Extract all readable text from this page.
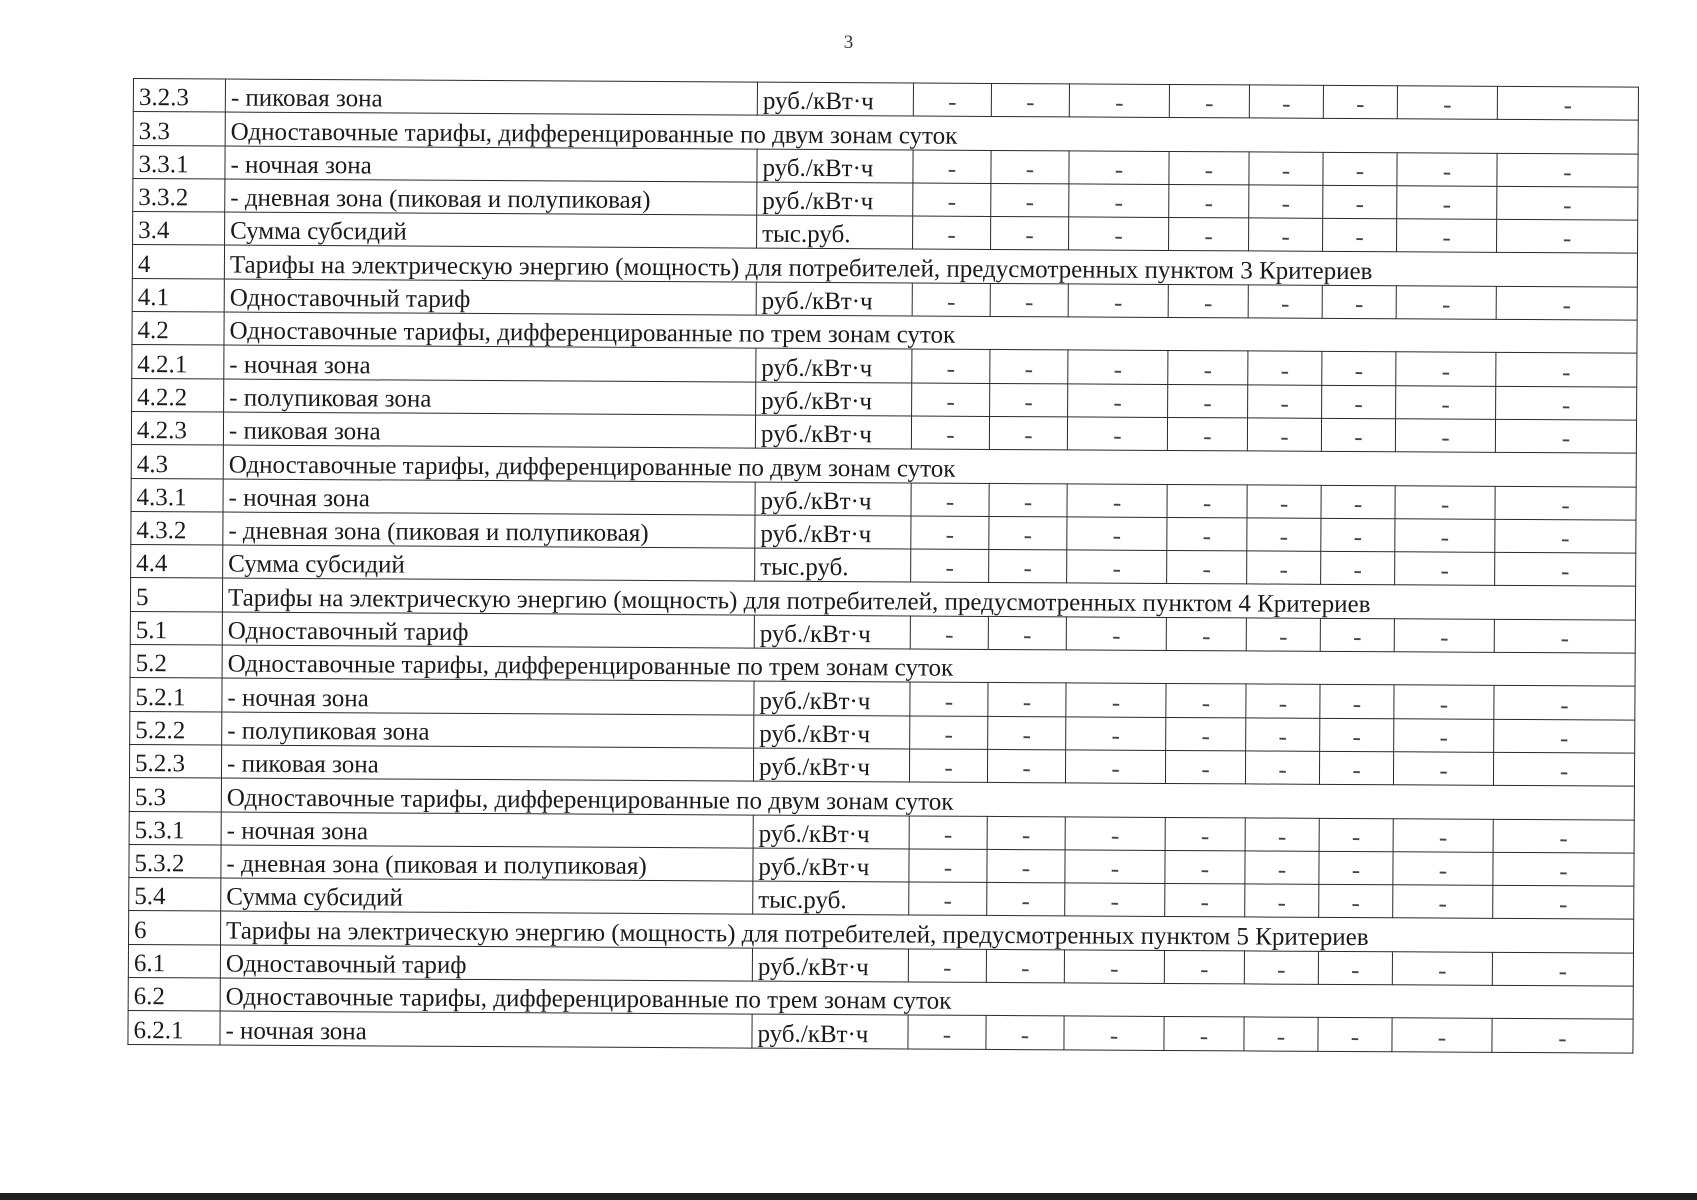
3
3.2.3	- пиковая зона	руб./кВт·ч	-	-	-	-	-	-	-	-
3.3	Одноставочные тарифы, дифференцированные по двум зонам суток									
3.3.1	- ночная зона	руб./кВт·ч	-	-	-	-	-	-	-	-
3.3.2	- дневная зона (пиковая и полупиковая)	руб./кВт·ч	-	-	-	-	-	-	-	-
3.4	Сумма субсидий	тыс.руб.	-	-	-	-	-	-	-	-
4	Тарифы на электрическую энергию (мощность) для потребителей, предусмотренных пунктом 3 Критериев									
4.1	Одноставочный тариф	руб./кВт·ч	-	-	-	-	-	-	-	-
4.2	Одноставочные тарифы, дифференцированные по трем зонам суток									
4.2.1	- ночная зона	руб./кВт·ч	-	-	-	-	-	-	-	-
4.2.2	- полупиковая зона	руб./кВт·ч	-	-	-	-	-	-	-	-
4.2.3	- пиковая зона	руб./кВт·ч	-	-	-	-	-	-	-	-
4.3	Одноставочные тарифы, дифференцированные по двум зонам суток									
4.3.1	- ночная зона	руб./кВт·ч	-	-	-	-	-	-	-	-
4.3.2	- дневная зона (пиковая и полупиковая)	руб./кВт·ч	-	-	-	-	-	-	-	-
4.4	Сумма субсидий	тыс.руб.	-	-	-	-	-	-	-	-
5	Тарифы на электрическую энергию (мощность) для потребителей, предусмотренных пунктом 4 Критериев									
5.1	Одноставочный тариф	руб./кВт·ч	-	-	-	-	-	-	-	-
5.2	Одноставочные тарифы, дифференцированные по трем зонам суток									
5.2.1	- ночная зона	руб./кВт·ч	-	-	-	-	-	-	-	-
5.2.2	- полупиковая зона	руб./кВт·ч	-	-	-	-	-	-	-	-
5.2.3	- пиковая зона	руб./кВт·ч	-	-	-	-	-	-	-	-
5.3	Одноставочные тарифы, дифференцированные по двум зонам суток									
5.3.1	- ночная зона	руб./кВт·ч	-	-	-	-	-	-	-	-
5.3.2	- дневная зона (пиковая и полупиковая)	руб./кВт·ч	-	-	-	-	-	-	-	-
5.4	Сумма субсидий	тыс.руб.	-	-	-	-	-	-	-	-
6	Тарифы на электрическую энергию (мощность) для потребителей, предусмотренных пунктом 5 Критериев									
6.1	Одноставочный тариф	руб./кВт·ч	-	-	-	-	-	-	-	-
6.2	Одноставочные тарифы, дифференцированные по трем зонам суток									
6.2.1	- ночная зона	руб./кВт·ч	-	-	-	-	-	-	-	-
